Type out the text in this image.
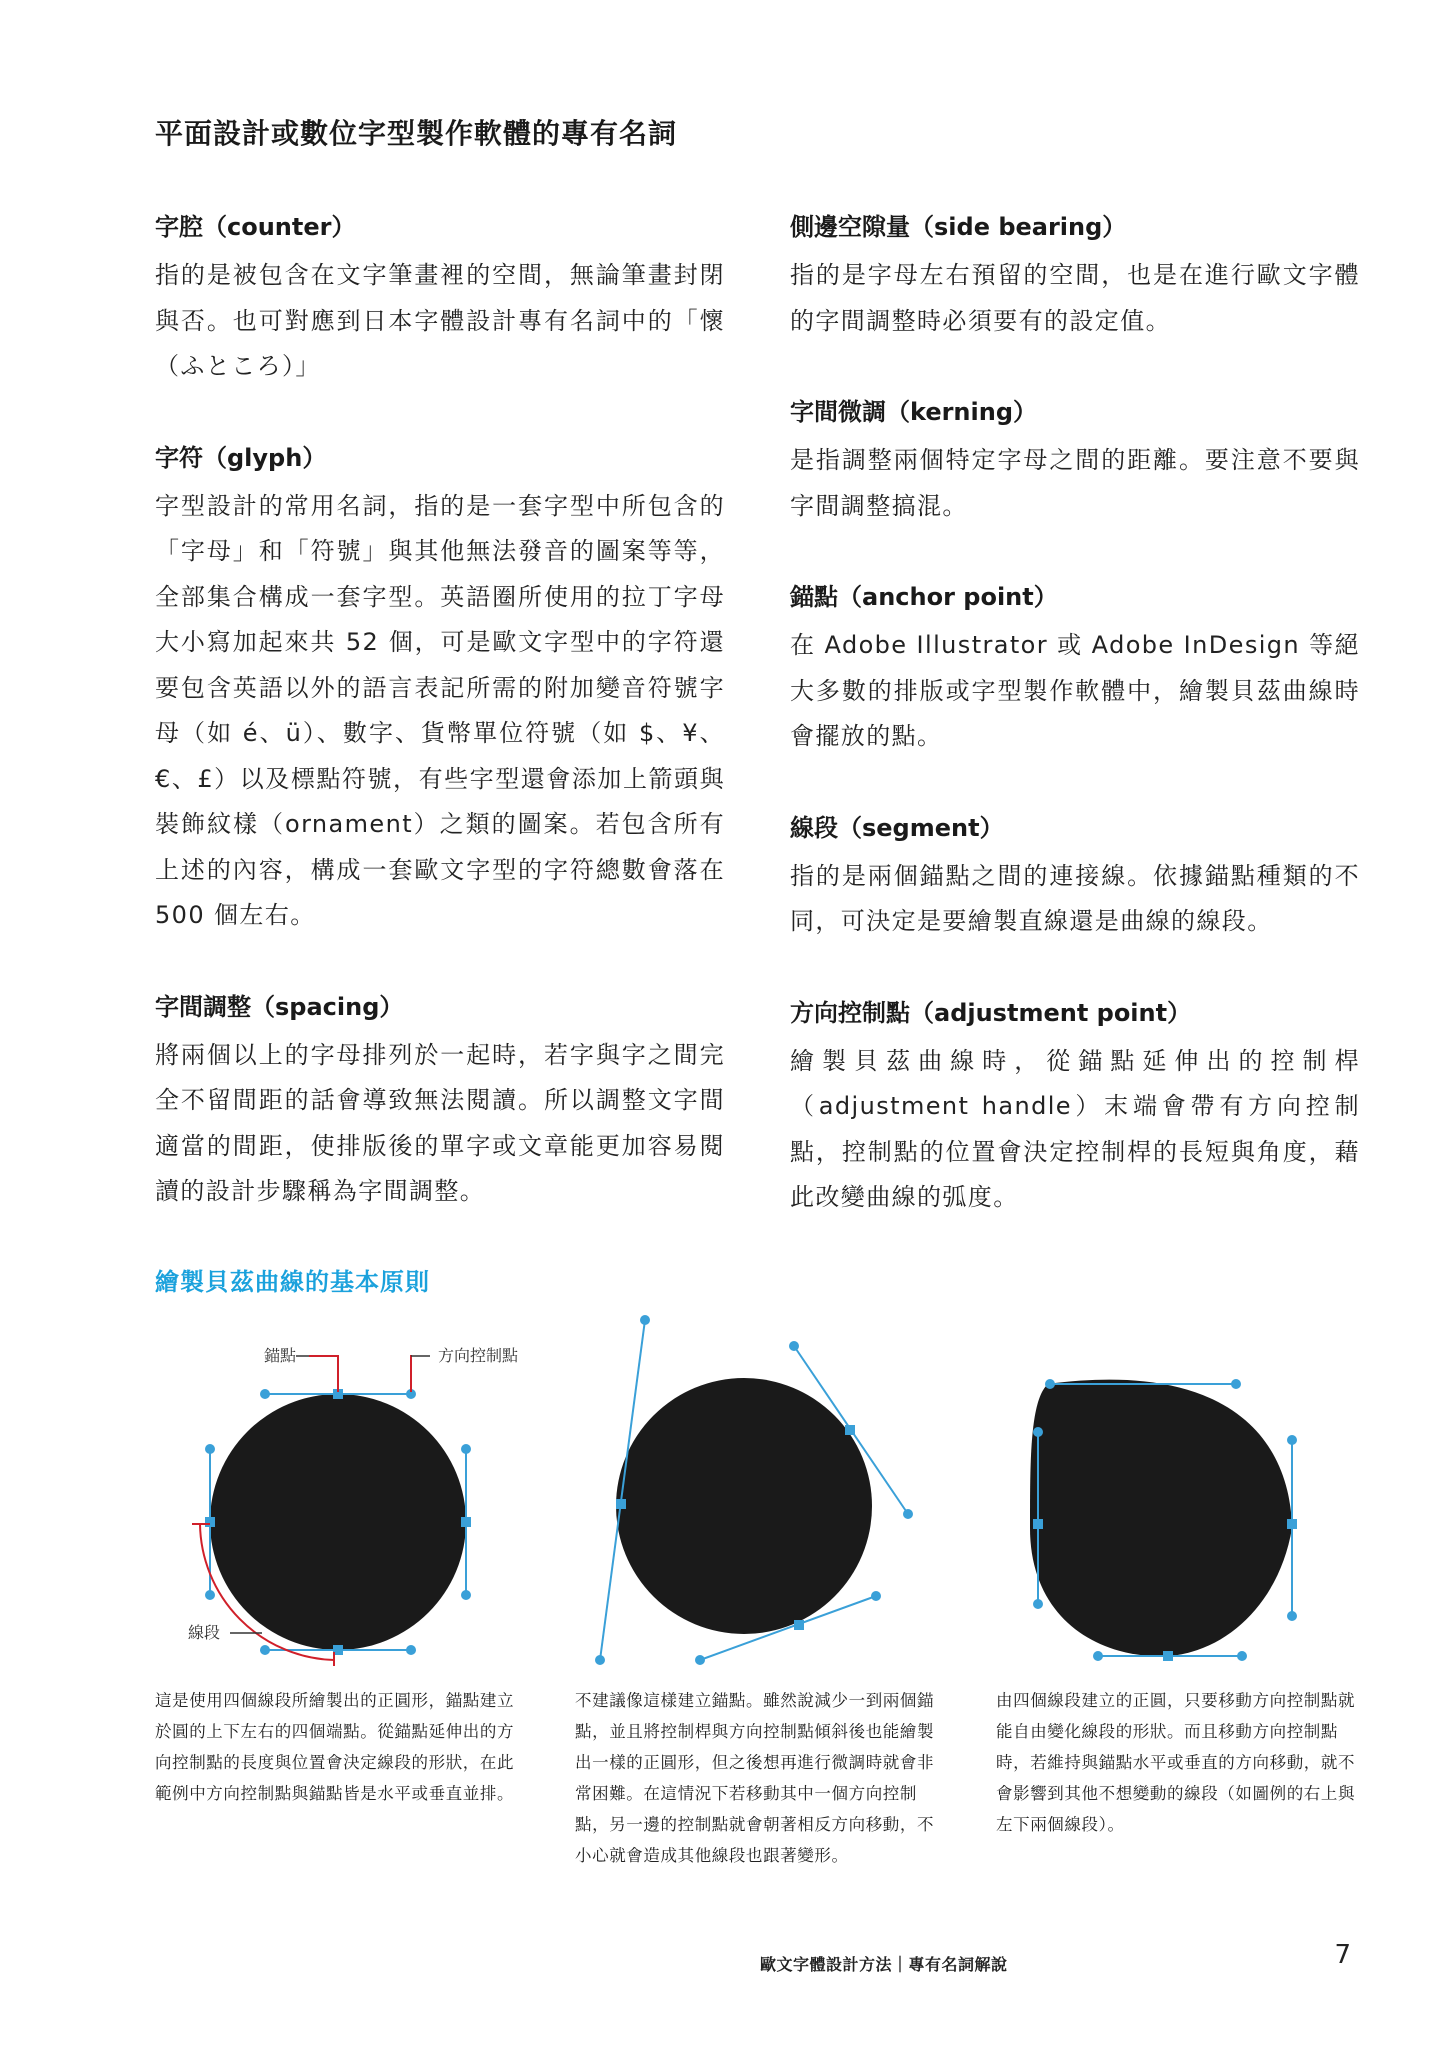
平面設計或數位字型製作軟體的專有名詞
字腔（counter）

指的是被包含在文字筆畫裡的空間，無論筆畫封閉與否。也可對應到日本字體設計專有名詞中的「懷（ふところ）」

字符（glyph）

字型設計的常用名詞，指的是一套字型中所包含的「字母」和「符號」與其他無法發音的圖案等等，全部集合構成一套字型。英語圈所使用的拉丁字母大小寫加起來共 52 個，可是歐文字型中的字符還要包含英語以外的語言表記所需的附加變音符號字母（如 é、ü）、數字、貨幣單位符號（如 $、¥、€、£）以及標點符號，有些字型還會添加上箭頭與裝飾紋樣（ornament）之類的圖案。若包含所有上述的內容，構成一套歐文字型的字符總數會落在 500 個左右。

字間調整（spacing）

將兩個以上的字母排列於一起時，若字與字之間完全不留間距的話會導致無法閱讀。所以調整文字間適當的間距，使排版後的單字或文章能更加容易閱讀的設計步驟稱為字間調整。

側邊空隙量（side bearing）

指的是字母左右預留的空間，也是在進行歐文字體的字間調整時必須要有的設定值。

字間微調（kerning）

是指調整兩個特定字母之間的距離。要注意不要與字間調整搞混。

錨點（anchor point）

在 Adobe Illustrator 或 Adobe InDesign 等絕大多數的排版或字型製作軟體中，繪製貝茲曲線時會擺放的點。

線段（segment）

指的是兩個錨點之間的連接線。依據錨點種類的不同，可決定是要繪製直線還是曲線的線段。

方向控制點（adjustment point）

繪製貝茲曲線時，從錨點延伸出的控制桿（adjustment handle）末端會帶有方向控制點，控制點的位置會決定控制桿的長短與角度，藉此改變曲線的弧度。

繪製貝茲曲線的基本原則
錨點	方向控制點
線段

這是使用四個線段所繪製出的正圓形，錨點建立於圓的上下左右的四個端點。從錨點延伸出的方向控制點的長度與位置會決定線段的形狀，在此範例中方向控制點與錨點皆是水平或垂直並排。

不建議像這樣建立錨點。雖然說減少一到兩個錨點，並且將控制桿與方向控制點傾斜後也能繪製出一樣的正圓形，但之後想再進行微調時就會非常困難。在這情況下若移動其中一個方向控制點，另一邊的控制點就會朝著相反方向移動，不小心就會造成其他線段也跟著變形。

由四個線段建立的正圓，只要移動方向控制點就能自由變化線段的形狀。而且移動方向控制點時，若維持與錨點水平或垂直的方向移動，就不會影響到其他不想變動的線段（如圖例的右上與左下兩個線段）。

歐文字體設計方法｜專有名詞解說	7
